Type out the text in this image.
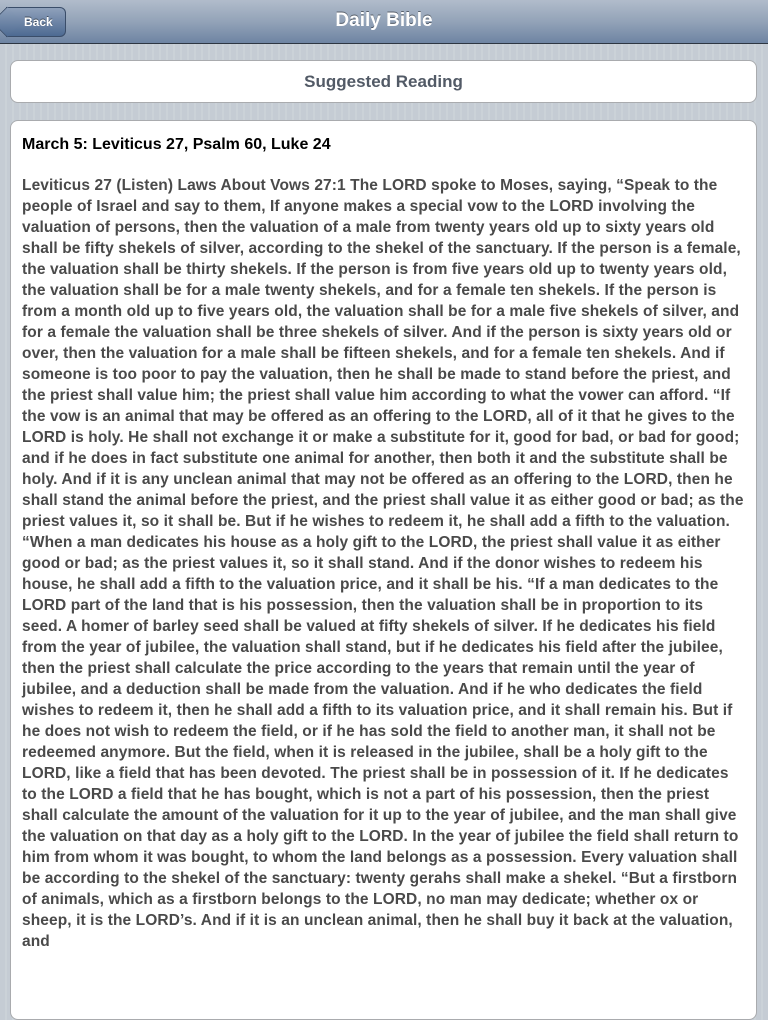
Back	Daily Bible
Suggested Reading

March 5: Leviticus 27, Psalm 60, Luke 24

Leviticus 27 (Listen) Laws About Vows 27:1 The LORD spoke to Moses, saying, “Speak to the people of Israel and say to them, If anyone makes a special vow to the LORD involving the valuation of persons, then the valuation of a male from twenty years old up to sixty years old shall be fifty shekels of silver, according to the shekel of the sanctuary. If the person is a female, the valuation shall be thirty shekels. If the person is from five years old up to twenty years old, the valuation shall be for a male twenty shekels, and for a female ten shekels. If the person is from a month old up to five years old, the valuation shall be for a male five shekels of silver, and for a female the valuation shall be three shekels of silver. And if the person is sixty years old or over, then the valuation for a male shall be fifteen shekels, and for a female ten shekels. And if someone is too poor to pay the valuation, then he shall be made to stand before the priest, and the priest shall value him; the priest shall value him according to what the vower can afford. “If the vow is an animal that may be offered as an offering to the LORD, all of it that he gives to the LORD is holy. He shall not exchange it or make a substitute for it, good for bad, or bad for good; and if he does in fact substitute one animal for another, then both it and the substitute shall be holy. And if it is any unclean animal that may not be offered as an offering to the LORD, then he shall stand the animal before the priest, and the priest shall value it as either good or bad; as the priest values it, so it shall be. But if he wishes to redeem it, he shall add a fifth to the valuation. “When a man dedicates his house as a holy gift to the LORD, the priest shall value it as either good or bad; as the priest values it, so it shall stand. And if the donor wishes to redeem his house, he shall add a fifth to the valuation price, and it shall be his. “If a man dedicates to the LORD part of the land that is his possession, then the valuation shall be in proportion to its seed. A homer of barley seed shall be valued at fifty shekels of silver. If he dedicates his field from the year of jubilee, the valuation shall stand, but if he dedicates his field after the jubilee, then the priest shall calculate the price according to the years that remain until the year of jubilee, and a deduction shall be made from the valuation. And if he who dedicates the field wishes to redeem it, then he shall add a fifth to its valuation price, and it shall remain his. But if he does not wish to redeem the field, or if he has sold the field to another man, it shall not be redeemed anymore. But the field, when it is released in the jubilee, shall be a holy gift to the LORD, like a field that has been devoted. The priest shall be in possession of it. If he dedicates to the LORD a field that he has bought, which is not a part of his possession, then the priest shall calculate the amount of the valuation for it up to the year of jubilee, and the man shall give the valuation on that day as a holy gift to the LORD. In the year of jubilee the field shall return to him from whom it was bought, to whom the land belongs as a possession. Every valuation shall be according to the shekel of the sanctuary: twenty gerahs shall make a shekel. “But a firstborn of animals, which as a firstborn belongs to the LORD, no man may dedicate; whether ox or sheep, it is the LORD’s. And if it is an unclean animal, then he shall buy it back at the valuation, and
